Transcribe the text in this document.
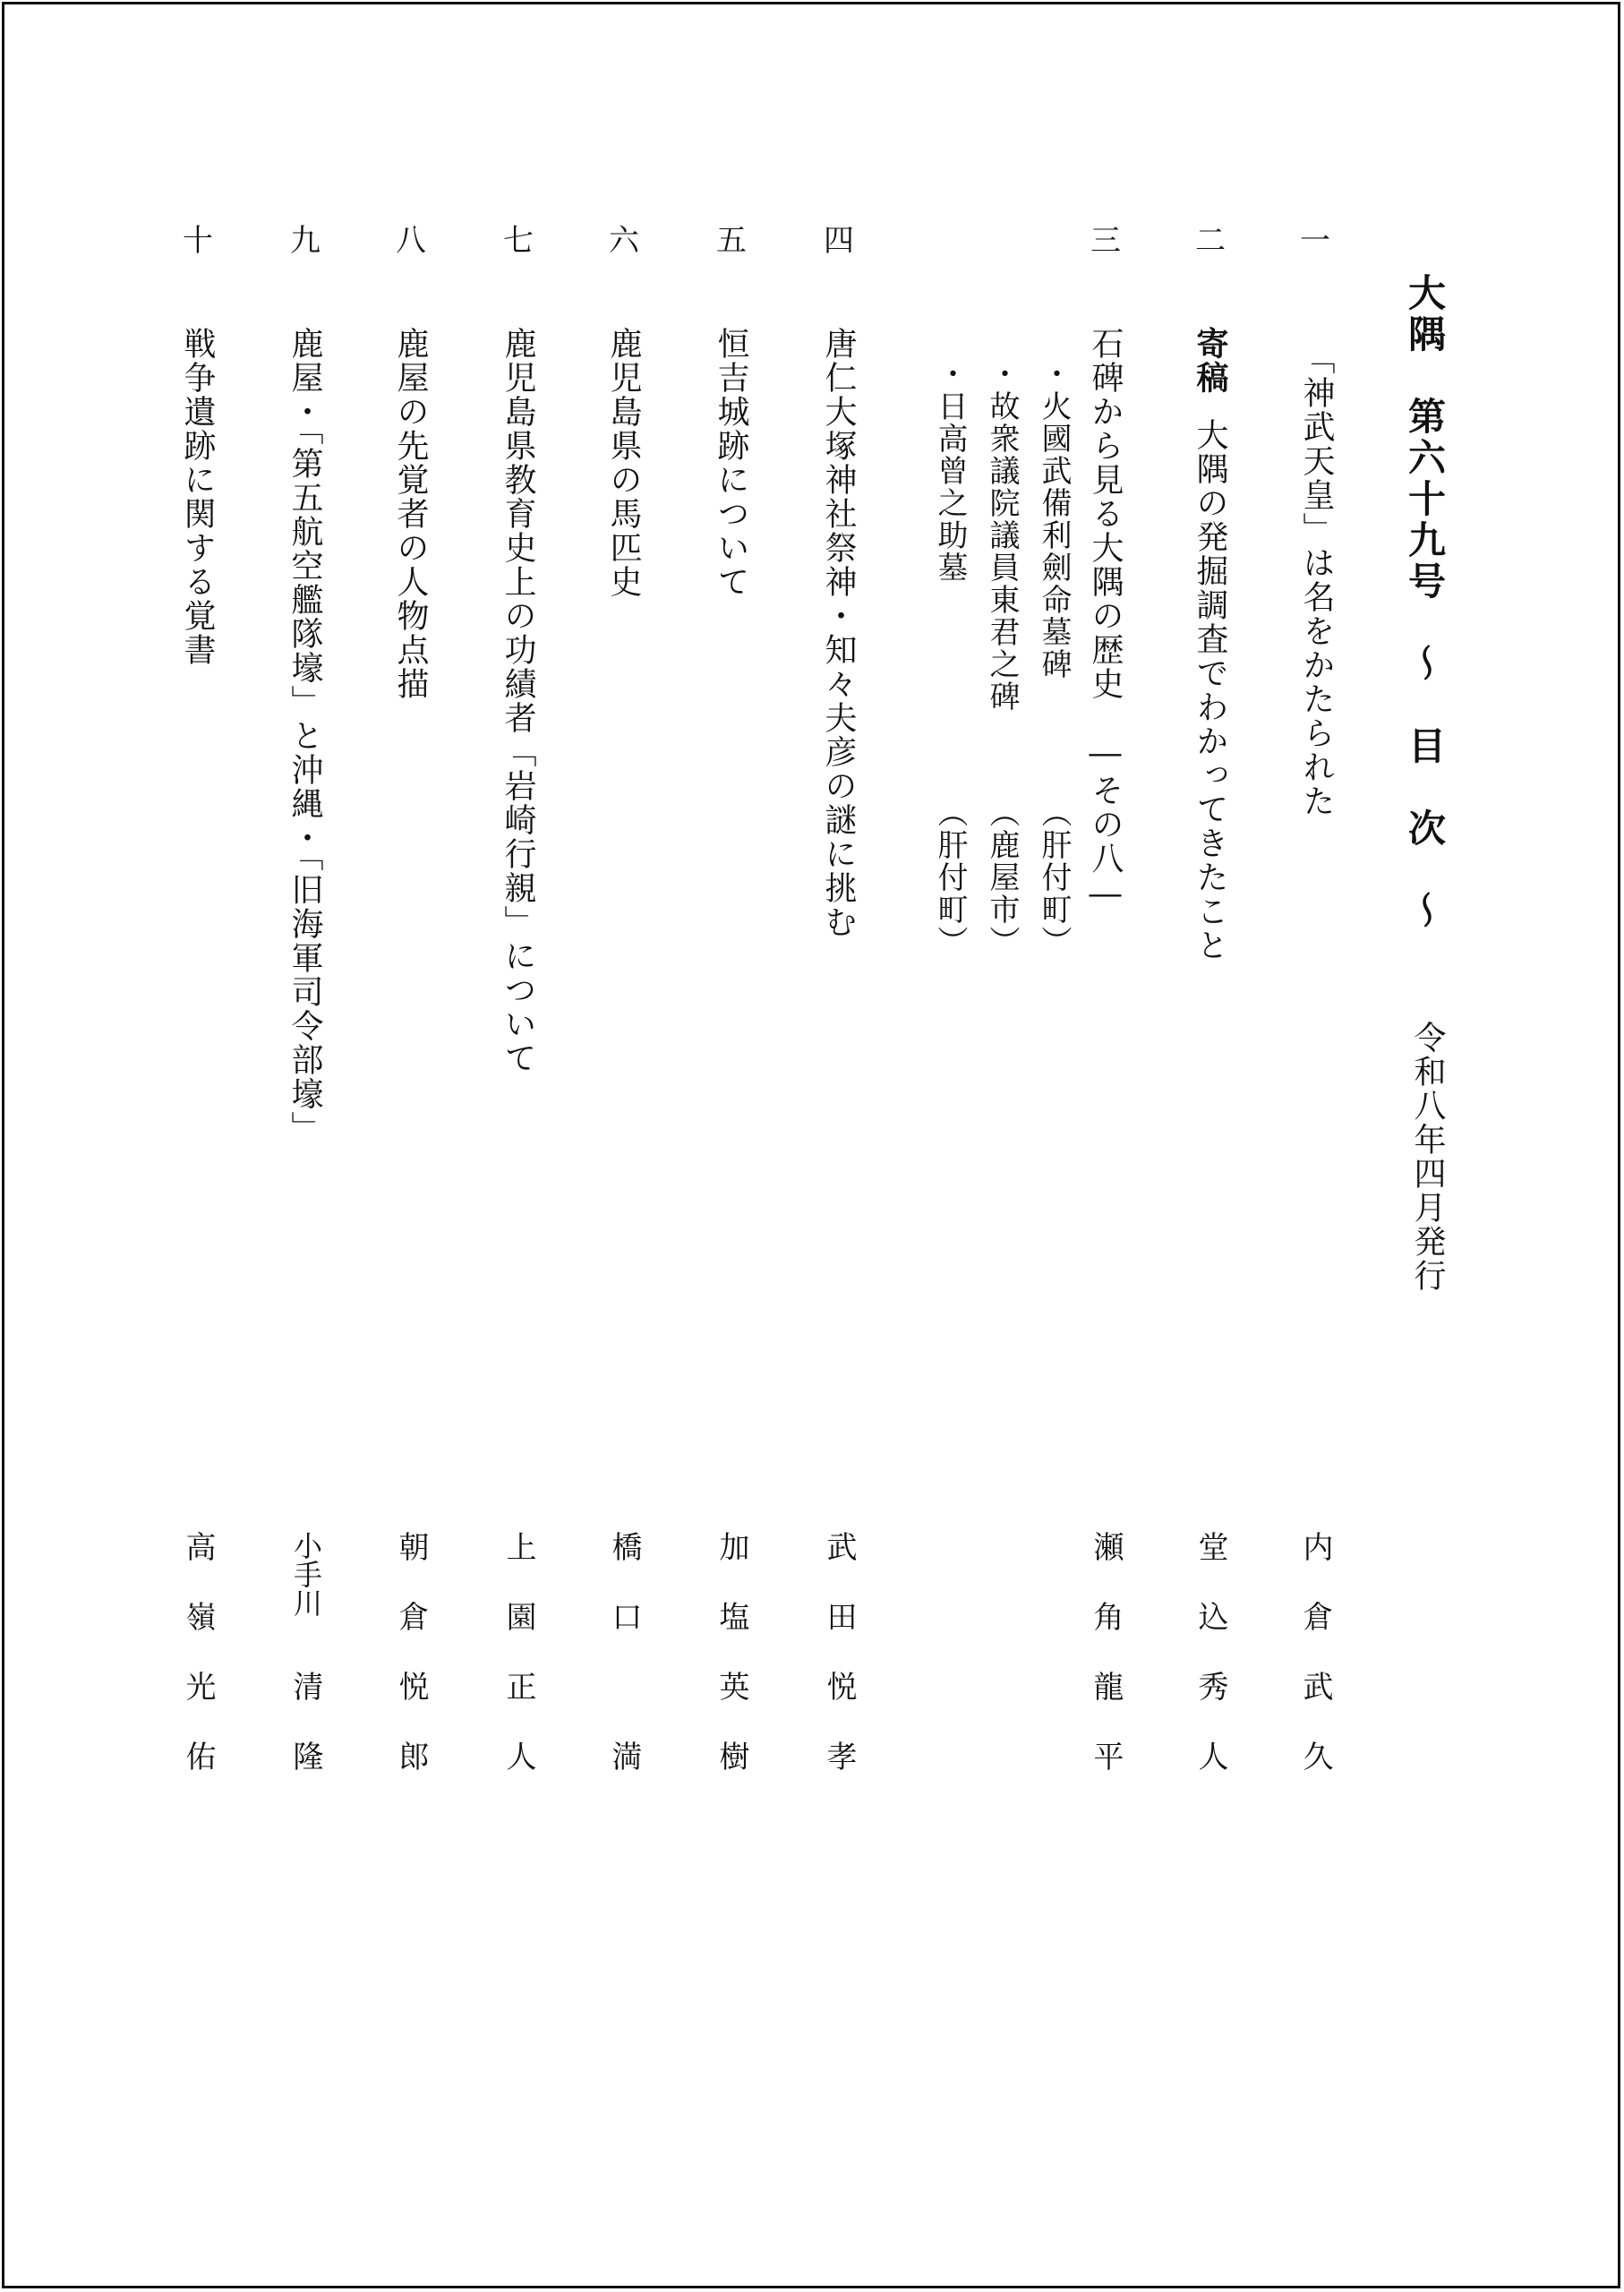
大隅　第六十九号　～　目　次　～
令和八年四月発行
一
「神武天皇」は名をかたられた
内倉武久
二
寄稿大隅の発掘調査でわかってきたこと
堂込秀人
三
石碑から見る大隅の歴史　―その八―
・火國武備利劍命墓碑
（肝付町）
・故衆議院議員東君之碑
（鹿屋市）
・日高曾之助墓
（肝付町）
瀬角龍平
四
唐仁大塚神社祭神・知々夫彦の謎に挑む
武田悦孝
五
恒吉城跡について
加塩英樹
六
鹿児島県の馬匹史
橋口　満
七
鹿児島県教育史上の功績者「岩崎行親」について
上園正人
八
鹿屋の先覚者の人物点描
朝倉悦郎
九
鹿屋・「第五航空艦隊壕」と沖縄・「旧海軍司令部壕」
小手川
清隆
十
戦争遺跡に関する覚書
高嶺光佑
